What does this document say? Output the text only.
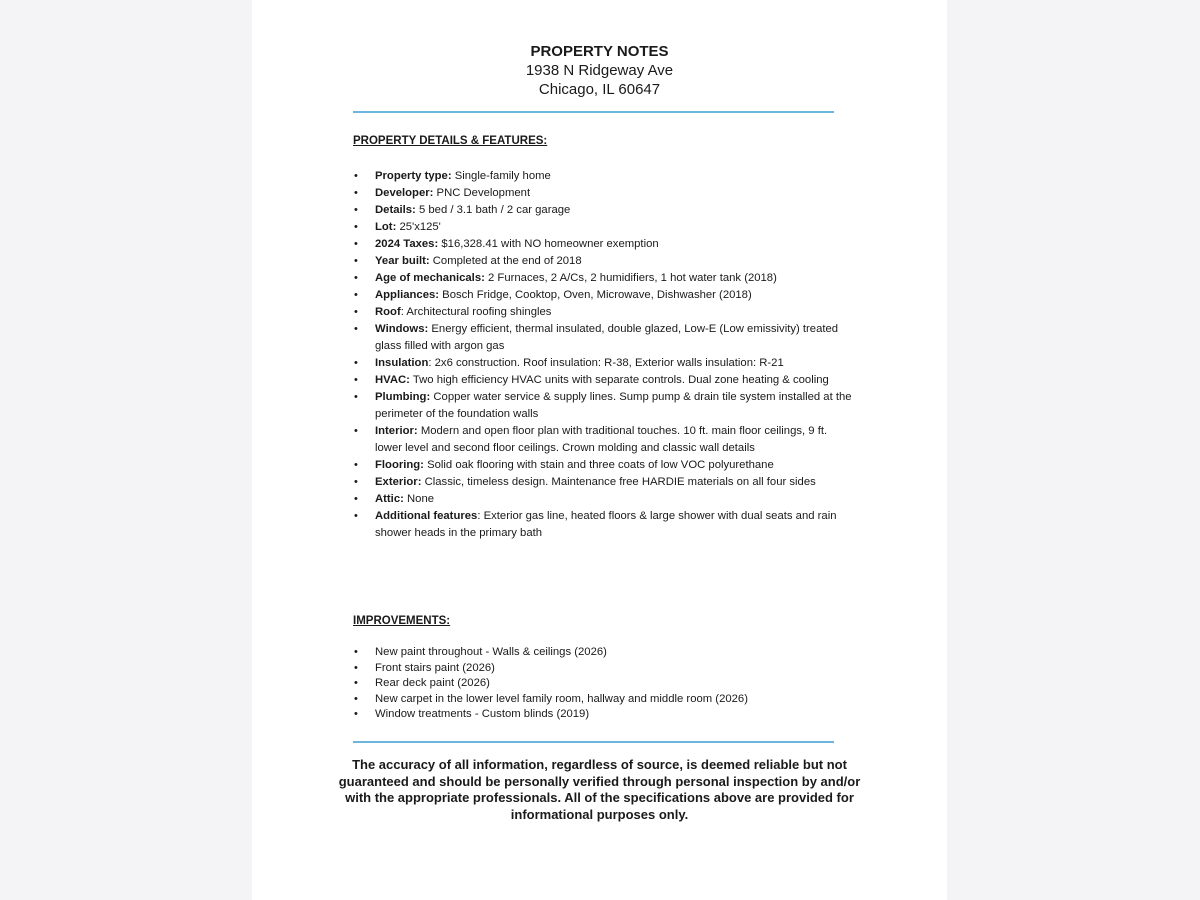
PROPERTY NOTES
1938 N Ridgeway Ave
Chicago, IL 60647
PROPERTY DETAILS & FEATURES:
• Property type: Single-family home
• Developer: PNC Development
• Details: 5 bed / 3.1 bath / 2 car garage
• Lot: 25'x125'
• 2024 Taxes: $16,328.41 with NO homeowner exemption
• Year built: Completed at the end of 2018
• Age of mechanicals: 2 Furnaces, 2 A/Cs, 2 humidifiers, 1 hot water tank (2018)
• Appliances: Bosch Fridge, Cooktop, Oven, Microwave, Dishwasher (2018)
• Roof: Architectural roofing shingles
• Windows: Energy efficient, thermal insulated, double glazed, Low-E (Low emissivity) treated glass filled with argon gas
• Insulation: 2x6 construction. Roof insulation: R-38, Exterior walls insulation: R-21
• HVAC: Two high efficiency HVAC units with separate controls. Dual zone heating & cooling
• Plumbing: Copper water service & supply lines. Sump pump & drain tile system installed at the perimeter of the foundation walls
• Interior: Modern and open floor plan with traditional touches. 10 ft. main floor ceilings, 9 ft. lower level and second floor ceilings. Crown molding and classic wall details
• Flooring: Solid oak flooring with stain and three coats of low VOC polyurethane
• Exterior: Classic, timeless design. Maintenance free HARDIE materials on all four sides
• Attic: None
• Additional features: Exterior gas line, heated floors & large shower with dual seats and rain shower heads in the primary bath
IMPROVEMENTS:
• New paint throughout - Walls & ceilings (2026)
• Front stairs paint (2026)
• Rear deck paint (2026)
• New carpet in the lower level family room, hallway and middle room (2026)
• Window treatments - Custom blinds (2019)
The accuracy of all information, regardless of source, is deemed reliable but not guaranteed and should be personally verified through personal inspection by and/or with the appropriate professionals. All of the specifications above are provided for informational purposes only.
